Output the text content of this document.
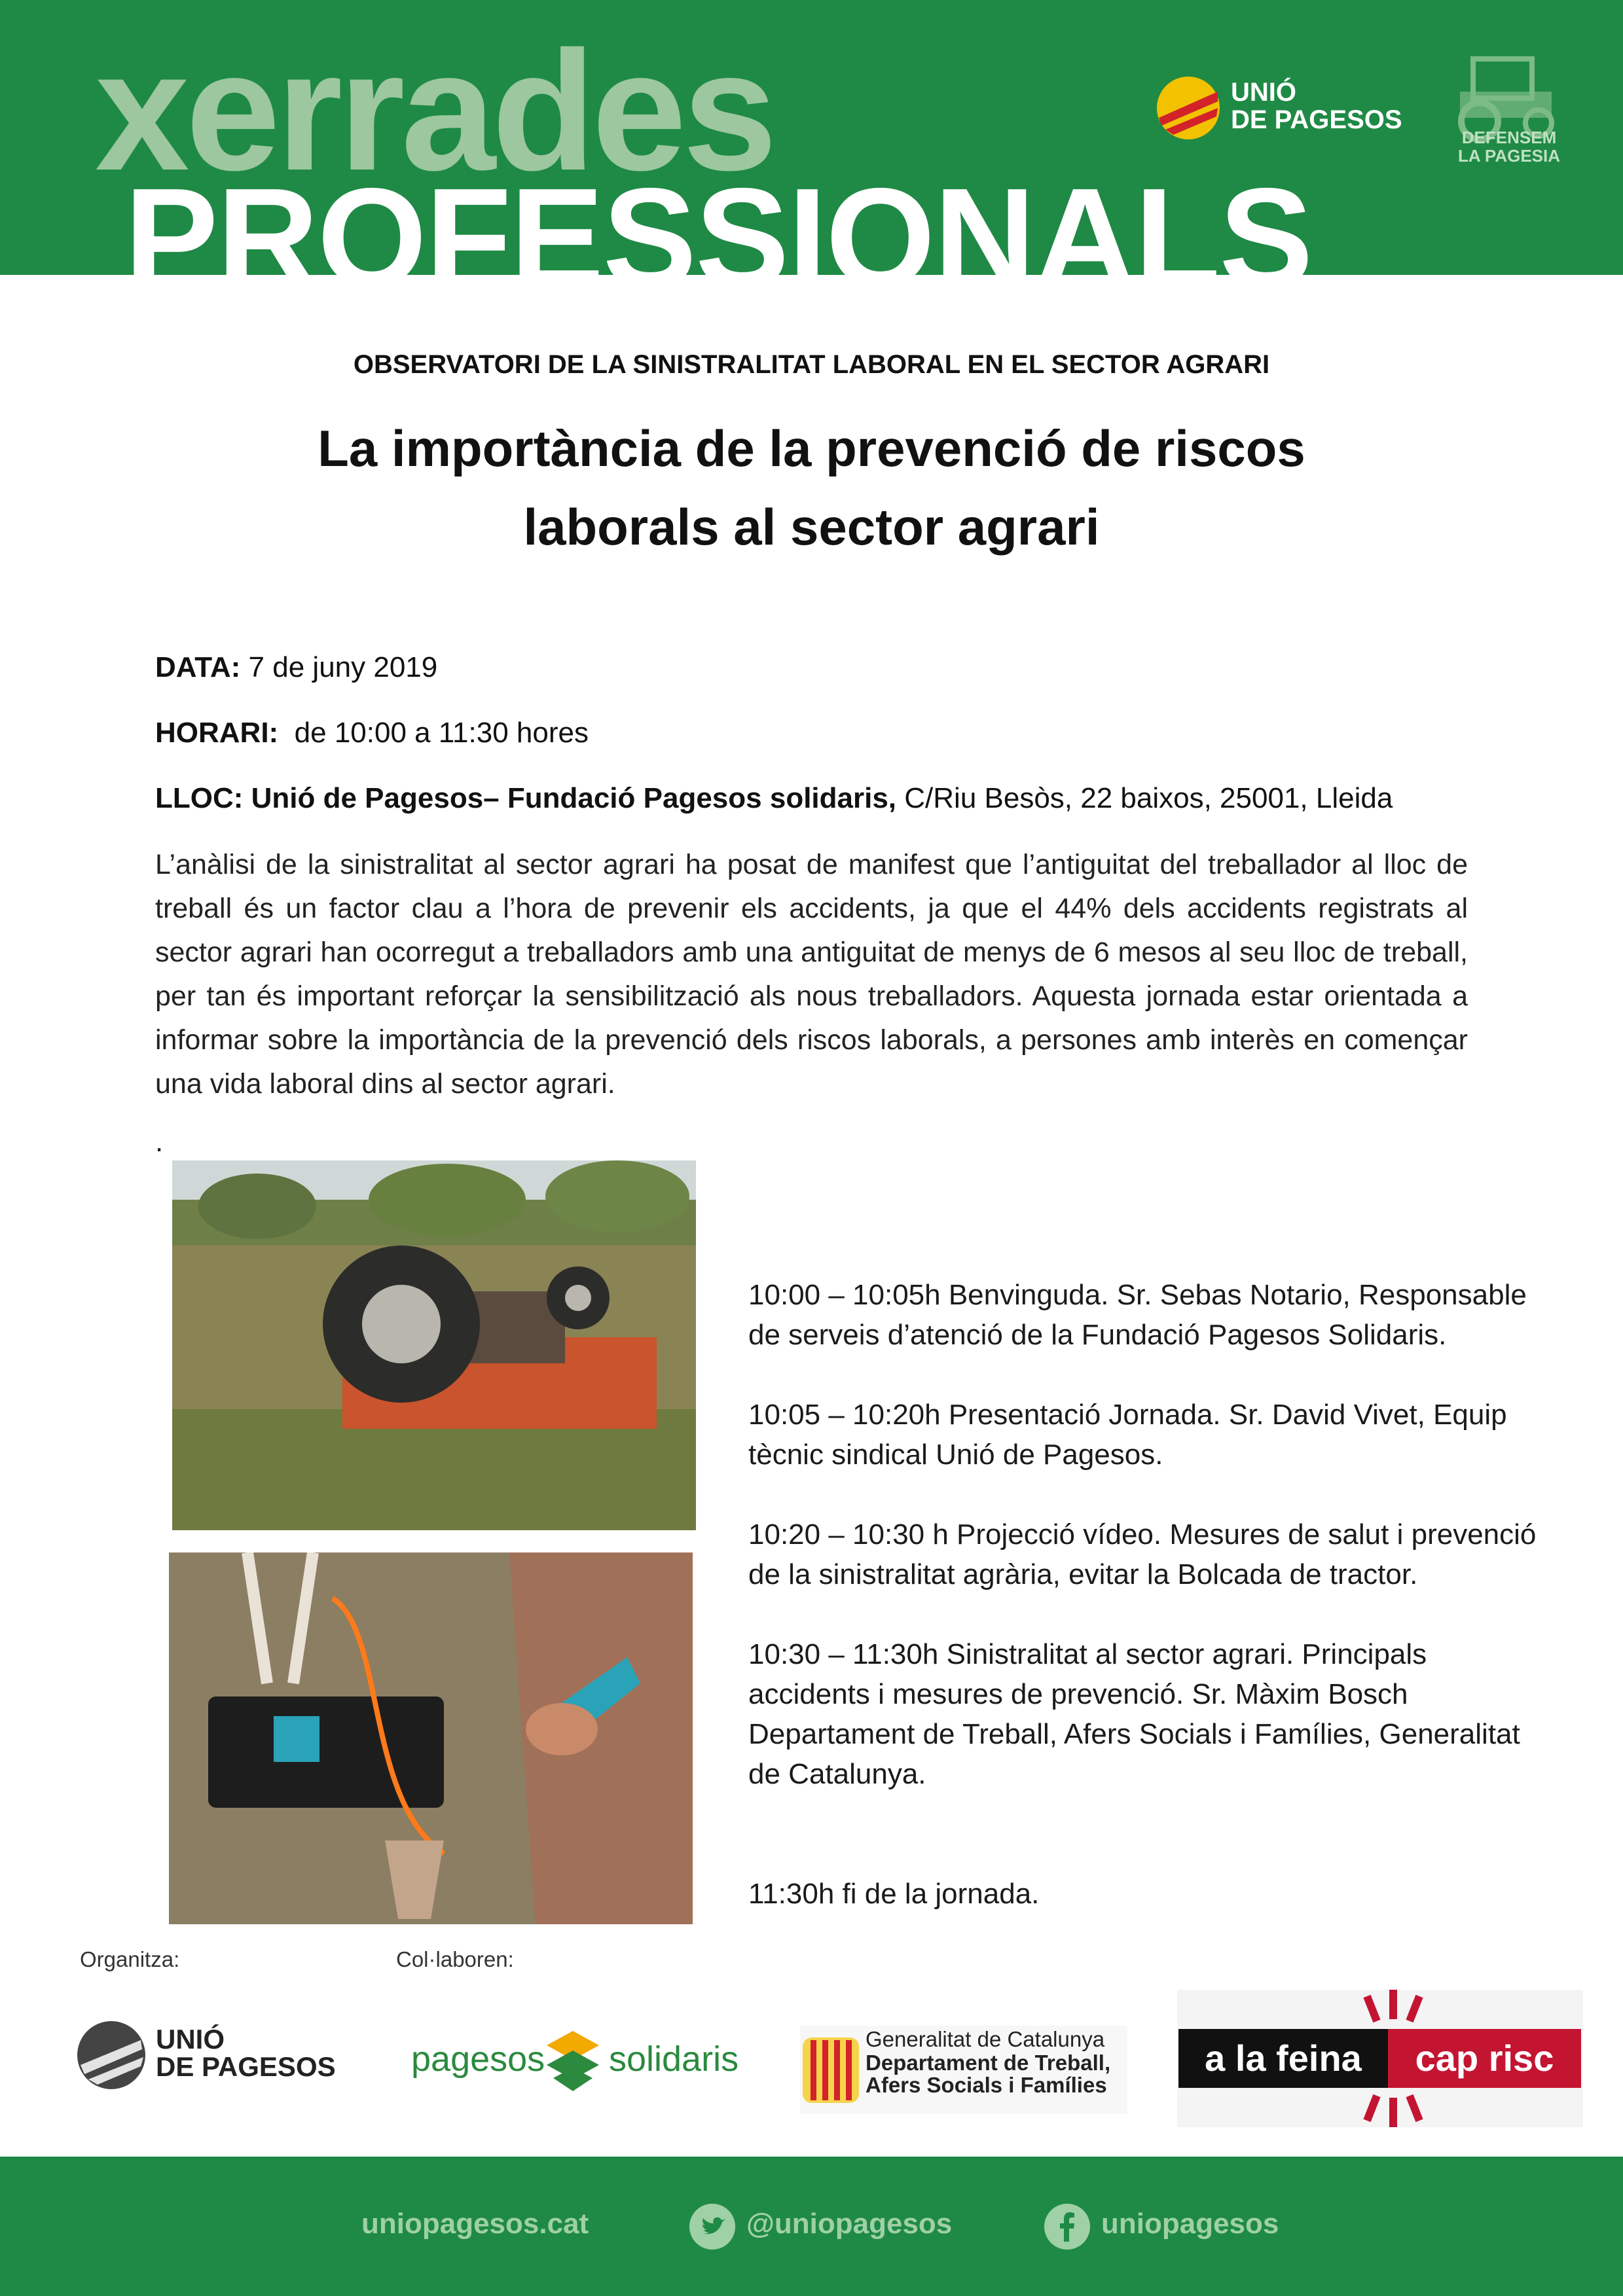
xerrades
PROFESSIONALS
UNIÓ
DE PAGESOS
DEFENSEM
LA PAGESIA
OBSERVATORI DE LA SINISTRALITAT LABORAL EN EL SECTOR AGRARI
La importància de la prevenció de riscos
laborals al sector agrari
DATA: 7 de juny 2019
HORARI:  de 10:00 a 11:30 hores
LLOC: Unió de Pagesos– Fundació Pagesos solidaris, C/Riu Besòs, 22 baixos, 25001, Lleida
L’anàlisi de la sinistralitat al sector agrari ha posat de manifest que l’antiguitat del treballador al lloc de treball és un factor clau a l’hora de prevenir els accidents, ja que el 44% dels accidents registrats al sector agrari han ocorregut a treballadors amb una antiguitat de menys de 6 mesos al seu lloc de treball, per tan és important reforçar la sensibilització als nous treballadors. Aquesta jornada estar orientada a informar sobre la importància de la prevenció dels riscos laborals, a persones amb interès en començar una vida laboral dins al sector agrari.
.
10:00 – 10:05h Benvinguda. Sr. Sebas Notario, Responsable de serveis d’atenció de la Fundació Pagesos Solidaris.
10:05 – 10:20h Presentació Jornada. Sr. David Vivet, Equip tècnic sindical Unió de Pagesos.
10:20 – 10:30 h Projecció vídeo. Mesures de salut i prevenció de la sinistralitat agrària, evitar la Bolcada de tractor.
10:30 – 11:30h Sinistralitat al sector agrari. Principals accidents i mesures de prevenció. Sr. Màxim Bosch Departament de Treball, Afers Socials i Famílies, Generalitat de Catalunya.
11:30h fi de la jornada.
Organitza:	Col·laboren:
UNIÓ
DE PAGESOS pagesos solidaris
Generalitat de Catalunya
Departament de Treball,
Afers Socials i Famílies
a la feina	cap risc
uniopagesos.cat	@uniopagesos	uniopagesos
